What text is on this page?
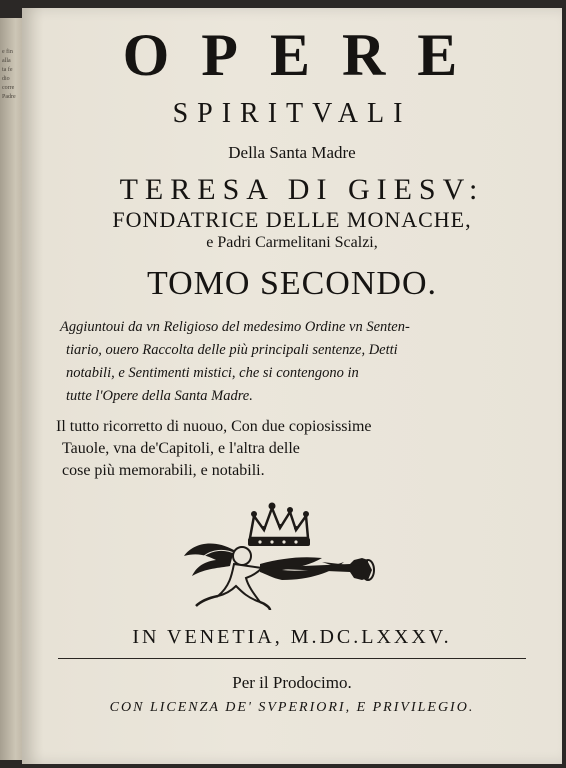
e fin
alla
ta fe
dio
corre
Padre
OPERE
SPIRITVALI
Della Santa Madre
TERESA DI GIESV:
FONDATRICE DELLE MONACHE,
e Padri Carmelitani Scalzi,
TOMO SECONDO.
Aggiuntoui da vn Religioso del medesimo Ordine vn Senten-
tiario, ouero Raccolta delle più principali sentenze, Detti
notabili, e Sentimenti mistici, che si contengono in
tutte l'Opere della Santa Madre.
Il tutto ricorretto di nuouo, Con due copiosissime
Tauole, vna de'Capitoli, e l'altra delle
cose più memorabili, e notabili.
IN VENETIA, M.DC.LXXXV.
Per il Prodocimo.
CON LICENZA DE' SVPERIORI, E PRIVILEGIO.
